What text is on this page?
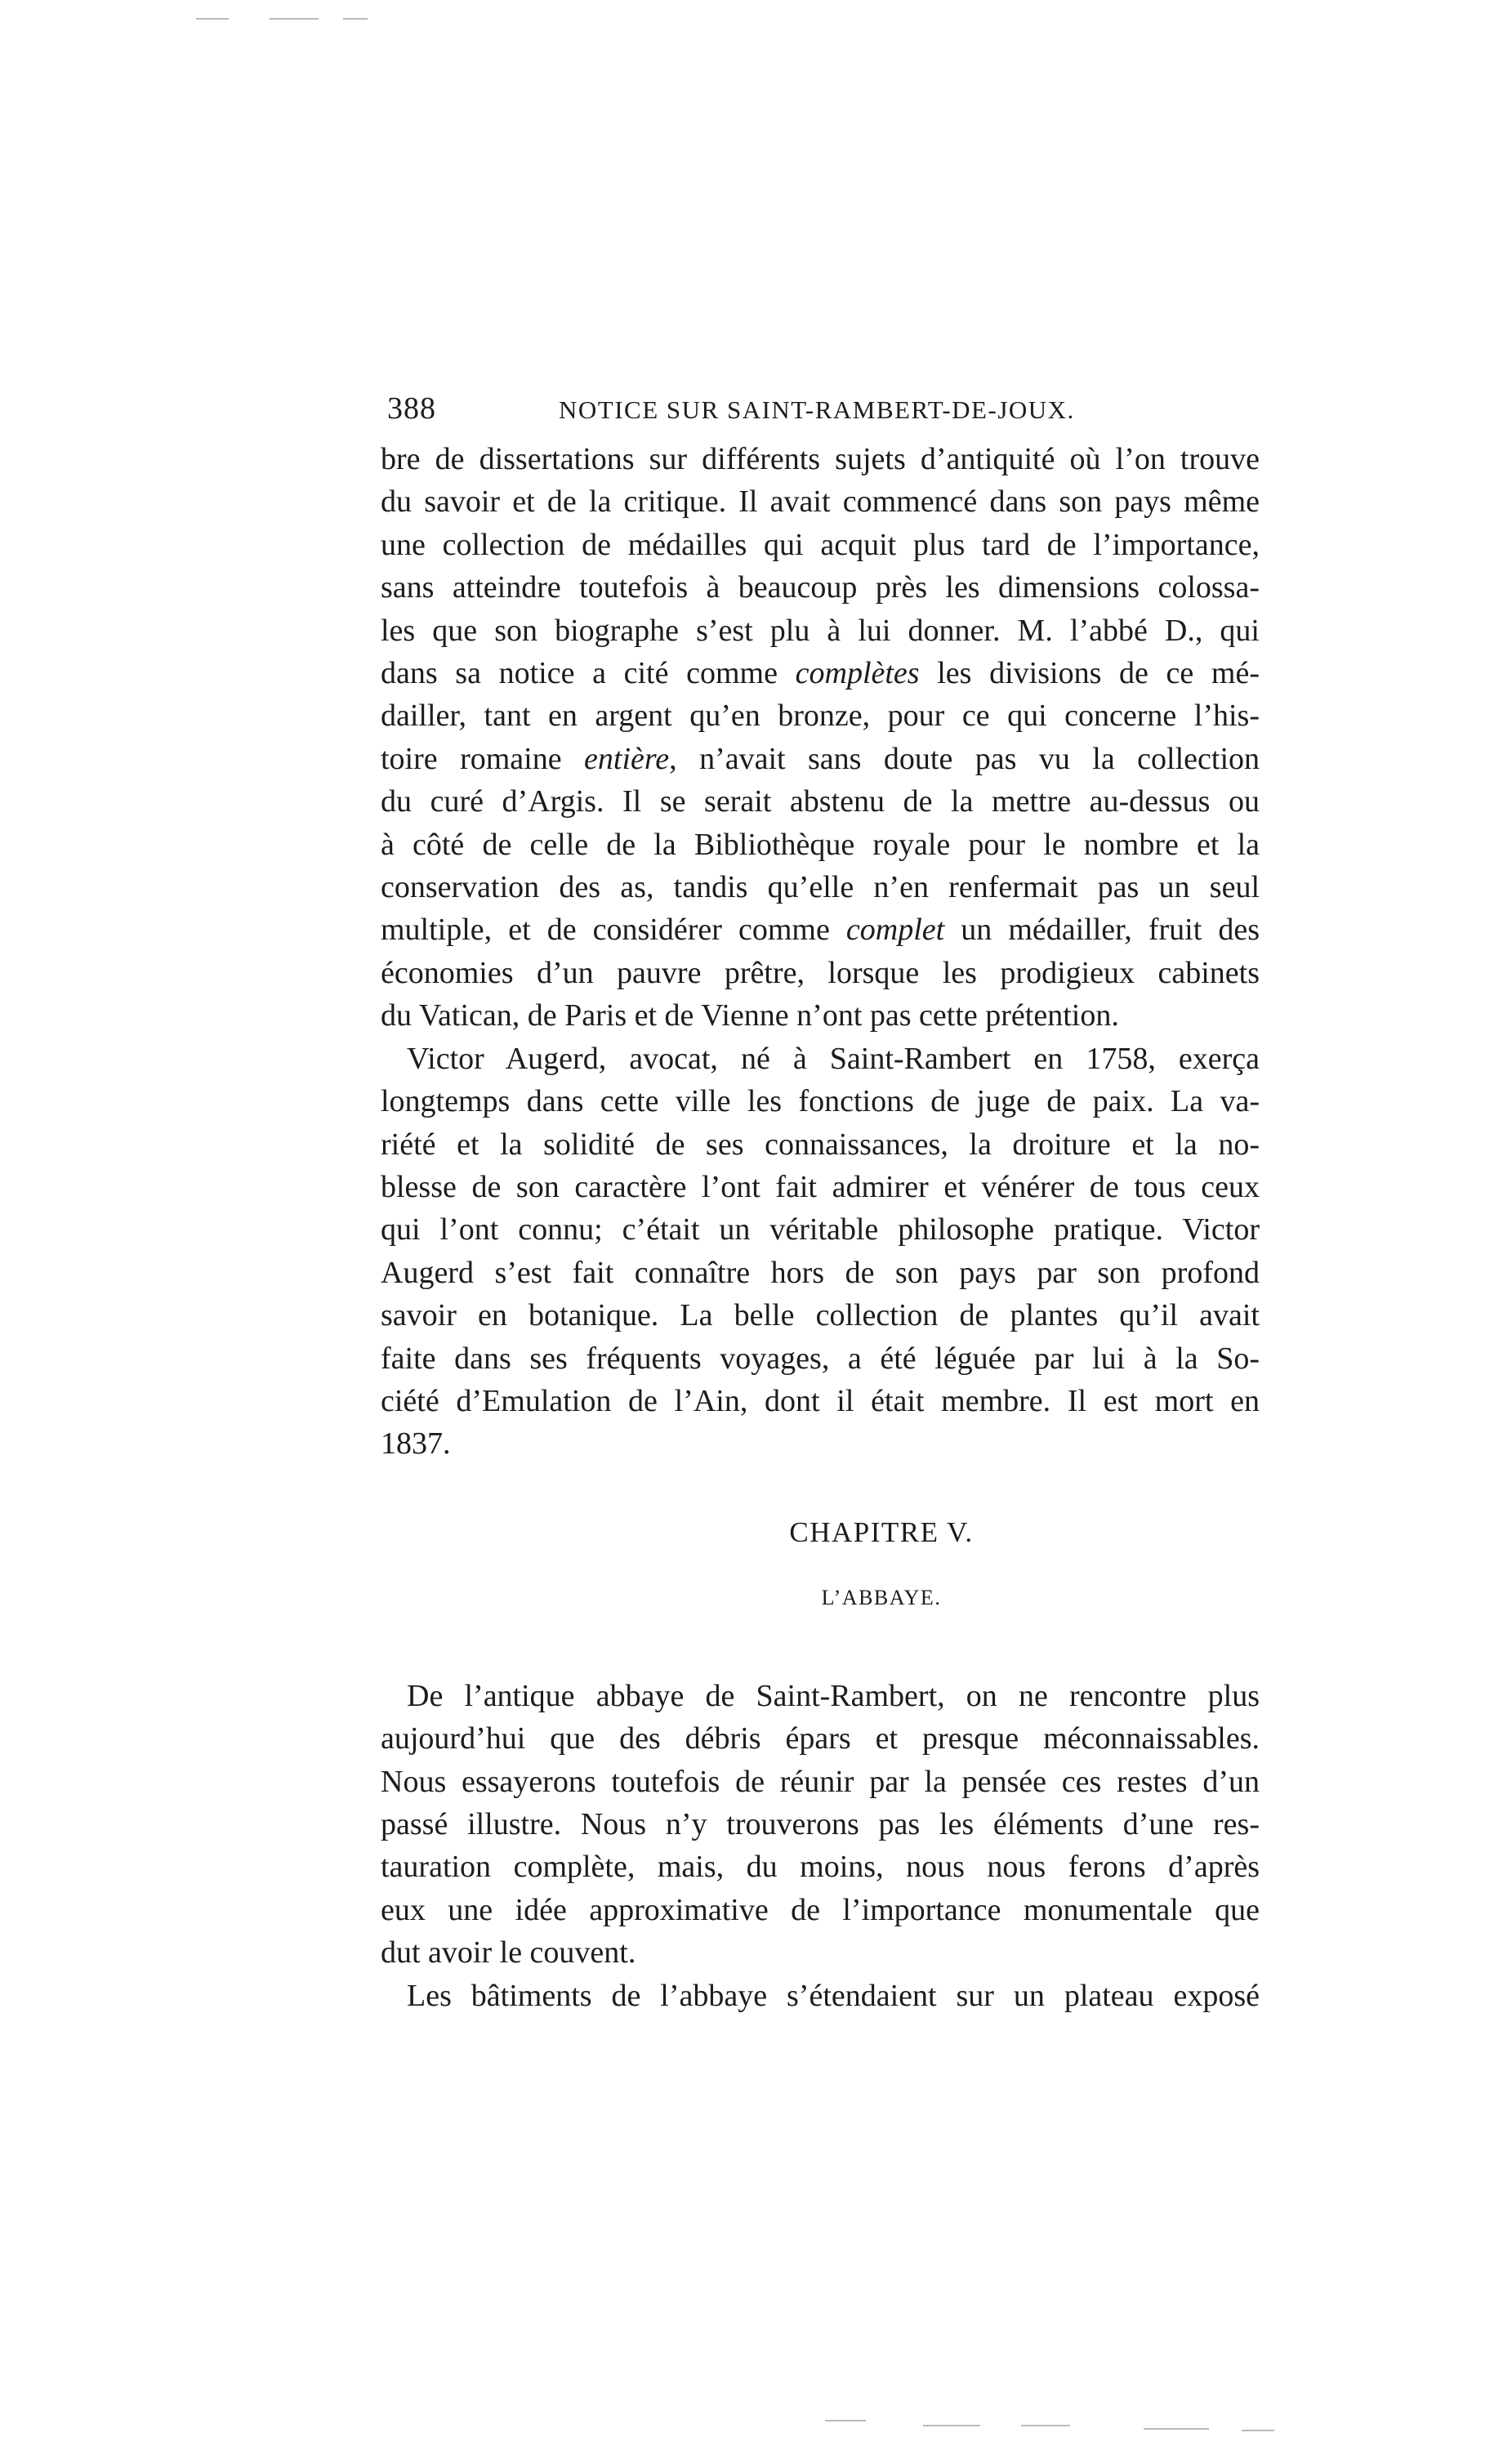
388	NOTICE SUR SAINT-RAMBERT-DE-JOUX.

bre de dissertations sur différents sujets d’antiquité où l’on trouve
du savoir et de la critique. Il avait commencé dans son pays même
une collection de médailles qui acquit plus tard de l’importance,
sans atteindre toutefois à beaucoup près les dimensions colossa-
les que son biographe s’est plu à lui donner. M. l’abbé D., qui
dans sa notice a cité comme complètes les divisions de ce mé-
dailler, tant en argent qu’en bronze, pour ce qui concerne l’his-
toire romaine entière, n’avait sans doute pas vu la collection
du curé d’Argis. Il se serait abstenu de la mettre au-dessus ou
à côté de celle de la Bibliothèque royale pour le nombre et la
conservation des as, tandis qu’elle n’en renfermait pas un seul
multiple, et de considérer comme complet un médailler, fruit des
économies d’un pauvre prêtre, lorsque les prodigieux cabinets
du Vatican, de Paris et de Vienne n’ont pas cette prétention.

Victor Augerd, avocat, né à Saint-Rambert en 1758, exerça
longtemps dans cette ville les fonctions de juge de paix. La va-
riété et la solidité de ses connaissances, la droiture et la no-
blesse de son caractère l’ont fait admirer et vénérer de tous ceux
qui l’ont connu; c’était un véritable philosophe pratique. Victor
Augerd s’est fait connaître hors de son pays par son profond
savoir en botanique. La belle collection de plantes qu’il avait
faite dans ses fréquents voyages, a été léguée par lui à la So-
ciété d’Emulation de l’Ain, dont il était membre. Il est mort en
1837.

CHAPITRE V.
L’ABBAYE.

De l’antique abbaye de Saint-Rambert, on ne rencontre plus
aujourd’hui que des débris épars et presque méconnaissables.
Nous essayerons toutefois de réunir par la pensée ces restes d’un
passé illustre. Nous n’y trouverons pas les éléments d’une res-
tauration complète, mais, du moins, nous nous ferons d’après
eux une idée approximative de l’importance monumentale que
dut avoir le couvent.

Les bâtiments de l’abbaye s’étendaient sur un plateau exposé
